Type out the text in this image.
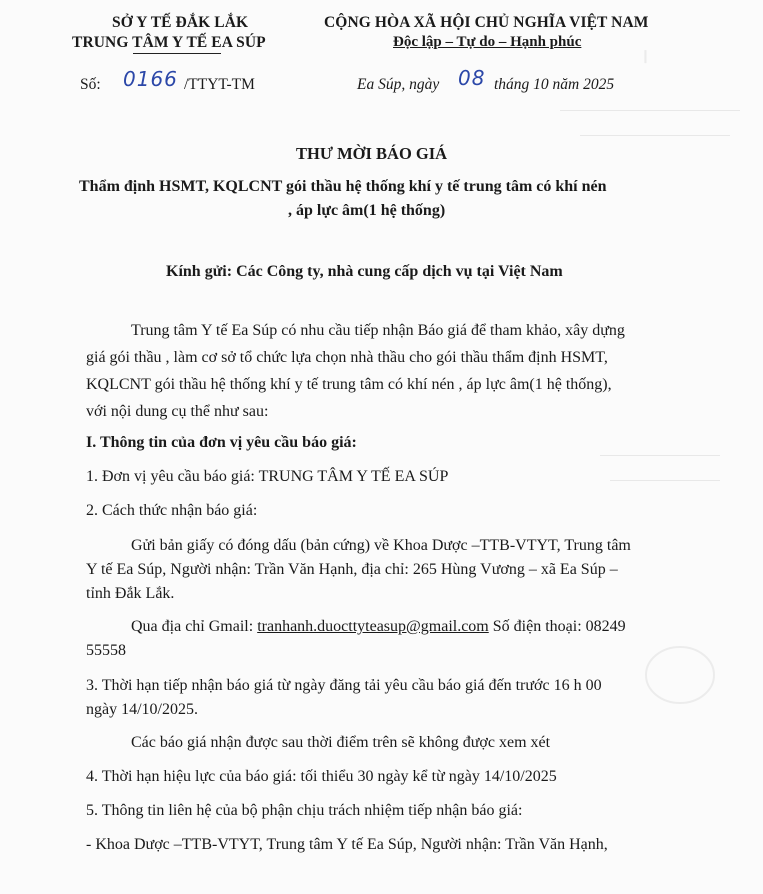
❙
SỞ Y TẾ ĐẮK LẮK
TRUNG TÂM Y TẾ EA SÚP
CỘNG HÒA XÃ HỘI CHỦ NGHĨA VIỆT NAM
Độc lập – Tự do – Hạnh phúc
Số: 0166 /TTYT-TM	Ea Súp, ngày 08 tháng 10 năm 2025
THƯ MỜI BÁO GIÁ
Thẩm định HSMT, KQLCNT gói thầu hệ thống khí y tế trung tâm có khí nén
, áp lực âm(1 hệ thống)
Kính gửi: Các Công ty, nhà cung cấp dịch vụ tại Việt Nam
Trung tâm Y tế Ea Súp có nhu cầu tiếp nhận Báo giá để tham khảo, xây dựng
giá gói thầu , làm cơ sở tổ chức lựa chọn nhà thầu cho gói thầu thẩm định HSMT,
KQLCNT gói thầu hệ thống khí y tế trung tâm có khí nén , áp lực âm(1 hệ thống),
với nội dung cụ thể như sau:
I. Thông tin của đơn vị yêu cầu báo giá:
1. Đơn vị yêu cầu báo giá: TRUNG TÂM Y TẾ EA SÚP
2. Cách thức nhận báo giá:
Gửi bản giấy có đóng dấu (bản cứng) về Khoa Dược –TTB-VTYT, Trung tâm
Y tế Ea Súp, Người nhận: Trần Văn Hạnh, địa chỉ: 265 Hùng Vương – xã Ea Súp –
tỉnh Đắk Lắk.
Qua địa chỉ Gmail: tranhanh.duocttyteasup@gmail.com Số điện thoại: 08249
55558
3. Thời hạn tiếp nhận báo giá từ ngày đăng tải yêu cầu báo giá đến trước 16 h 00
ngày 14/10/2025.
Các báo giá nhận được sau thời điểm trên sẽ không được xem xét
4. Thời hạn hiệu lực của báo giá: tối thiểu 30 ngày kể từ ngày 14/10/2025
5. Thông tin liên hệ của bộ phận chịu trách nhiệm tiếp nhận báo giá:
- Khoa Dược –TTB-VTYT, Trung tâm Y tế Ea Súp, Người nhận: Trần Văn Hạnh,
